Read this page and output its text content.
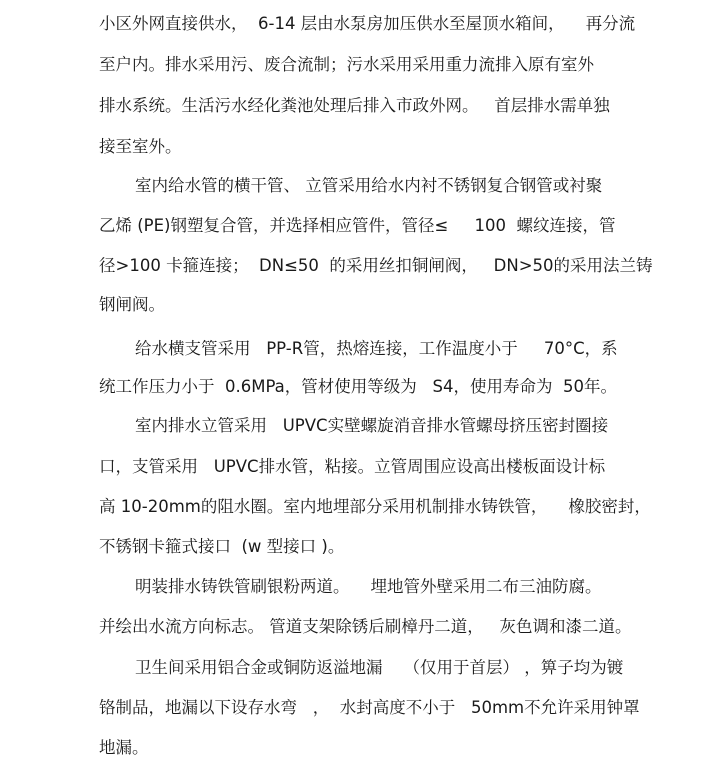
小区外网直接供水，  6-14 层由水泵房加压供水至屋顶水箱间，    再分流
至户内。排水采用污、废合流制；污水采用采用重力流排入原有室外
排水系统。生活污水经化粪池处理后排入市政外网。   首层排水需单独
接至室外。
室内给水管的横干管、 立管采用给水内衬不锈钢复合钢管或衬聚
乙烯 (PE)钢塑复合管，并选择相应管件，管径≤     100  螺纹连接，管
径>100 卡箍连接；  DN≤50  的采用丝扣铜闸阀，   DN>50的采用法兰铸
钢闸阀。
给水横支管采用   PP-R管，热熔连接，工作温度小于     70°C，系
统工作压力小于  0.6MPa，管材使用等级为   S4，使用寿命为  50年。
室内排水立管采用   UPVC实壁螺旋消音排水管螺母挤压密封圈接
口，支管采用   UPVC排水管，粘接。立管周围应设高出楼板面设计标
高 10-20mm的阻水圈。室内地埋部分采用机制排水铸铁管，    橡胶密封，
不锈钢卡箍式接口  (w 型接口 )。
明装排水铸铁管刷银粉两道。    埋地管外壁采用二布三油防腐。
并绘出水流方向标志。 管道支架除锈后刷樟丹二道，   灰色调和漆二道。
卫生间采用铝合金或铜防返溢地漏    （仅用于首层） ，箅子均为镀
铬制品，地漏以下设存水弯   ，  水封高度不小于   50mm不允许采用钟罩
地漏。
